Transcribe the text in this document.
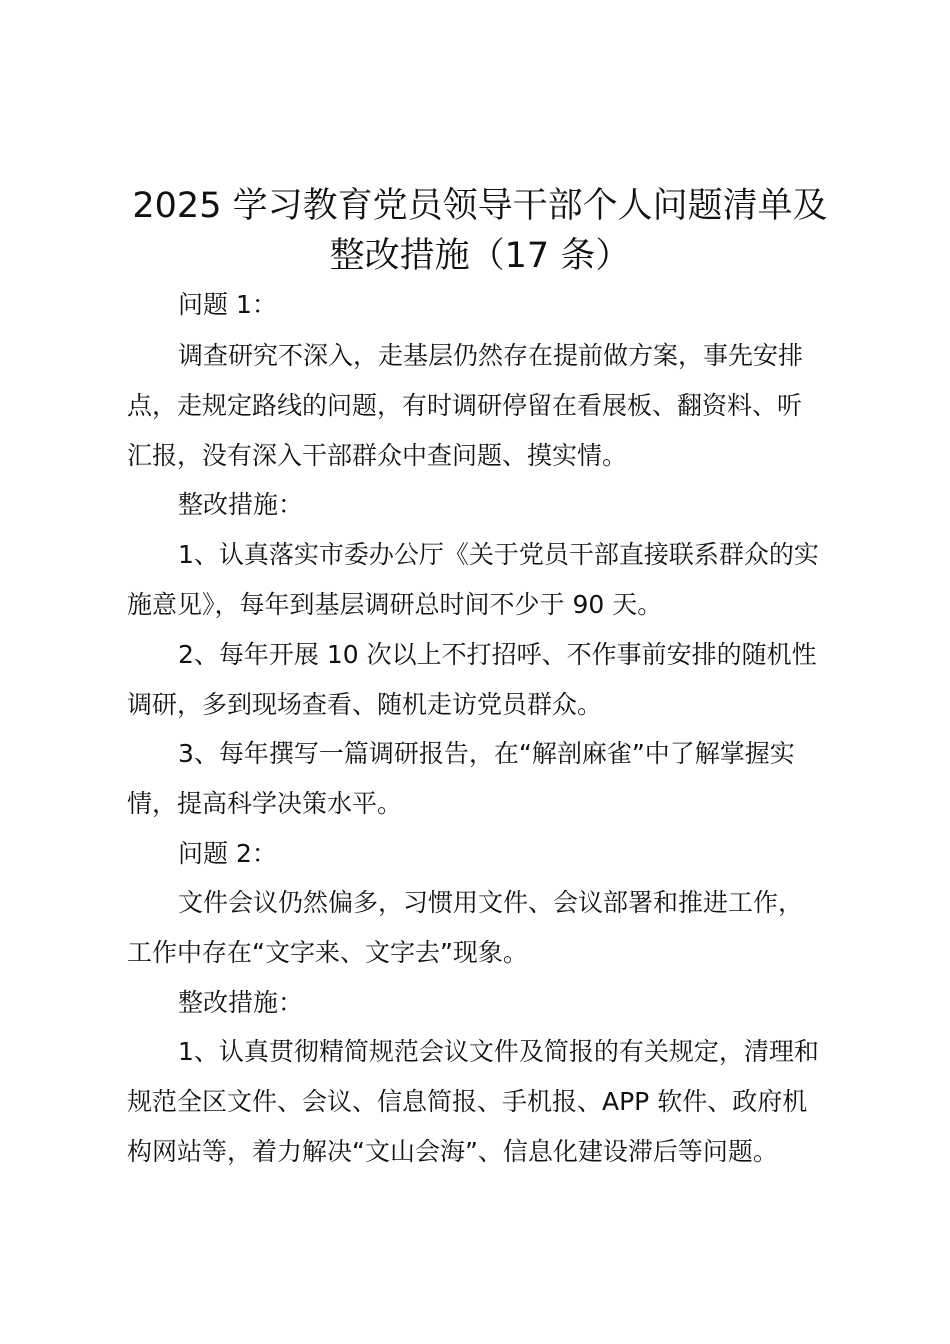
2025 学习教育党员领导干部个人问题清单及
整改措施（17 条）

问题 1：

调查研究不深入，走基层仍然存在提前做方案，事先安排

点，走规定路线的问题，有时调研停留在看展板、翻资料、听

汇报，没有深入干部群众中查问题、摸实情。

整改措施：

1、认真落实市委办公厅《关于党员干部直接联系群众的实

施意见》，每年到基层调研总时间不少于 90 天。

2、每年开展 10 次以上不打招呼、不作事前安排的随机性

调研，多到现场查看、随机走访党员群众。

3、每年撰写一篇调研报告，在“解剖麻雀”中了解掌握实

情，提高科学决策水平。

问题 2：

文件会议仍然偏多，习惯用文件、会议部署和推进工作，

工作中存在“文字来、文字去”现象。

整改措施：

1、认真贯彻精简规范会议文件及简报的有关规定，清理和

规范全区文件、会议、信息简报、手机报、APP 软件、政府机

构网站等，着力解决“文山会海”、信息化建设滞后等问题。
